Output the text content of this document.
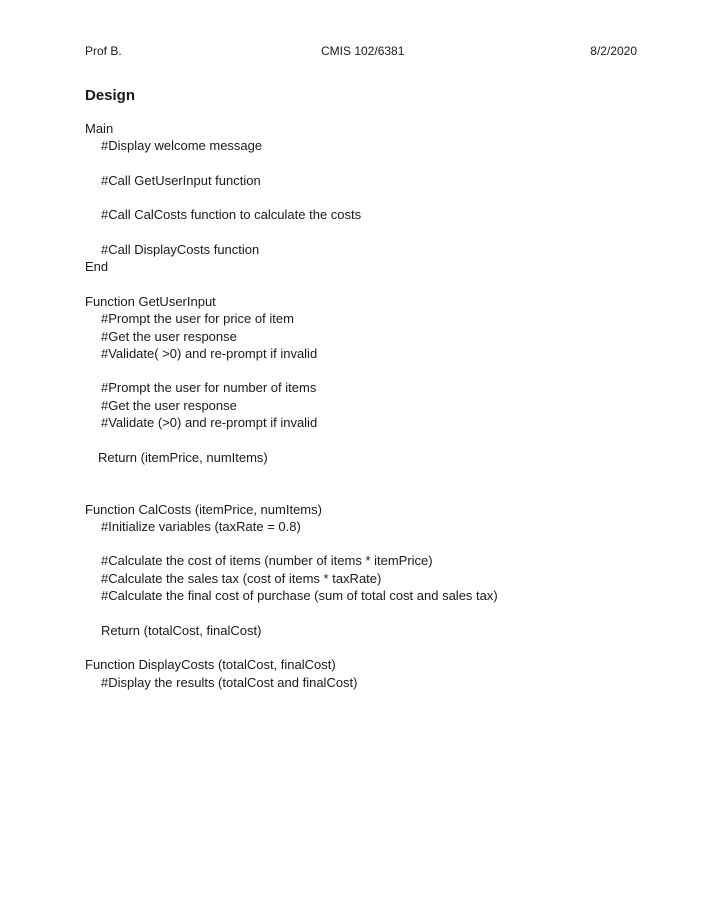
Prof B.	CMIS 102/6381	8/2/2020
Design
Main
#Display welcome message
#Call GetUserInput function
#Call CalCosts function to calculate the costs
#Call DisplayCosts function
End
Function GetUserInput
#Prompt the user for price of item
#Get the user response
#Validate( >0) and re-prompt if invalid
#Prompt the user for number of items
#Get the user response
#Validate (>0) and re-prompt if invalid
Return (itemPrice, numItems)
Function CalCosts (itemPrice, numItems)
#Initialize variables (taxRate = 0.8)
#Calculate the cost of items (number of items * itemPrice)
#Calculate the sales tax (cost of items * taxRate)
#Calculate the final cost of purchase (sum of total cost and sales tax)
Return (totalCost, finalCost)
Function DisplayCosts (totalCost, finalCost)
#Display the results (totalCost and finalCost)
